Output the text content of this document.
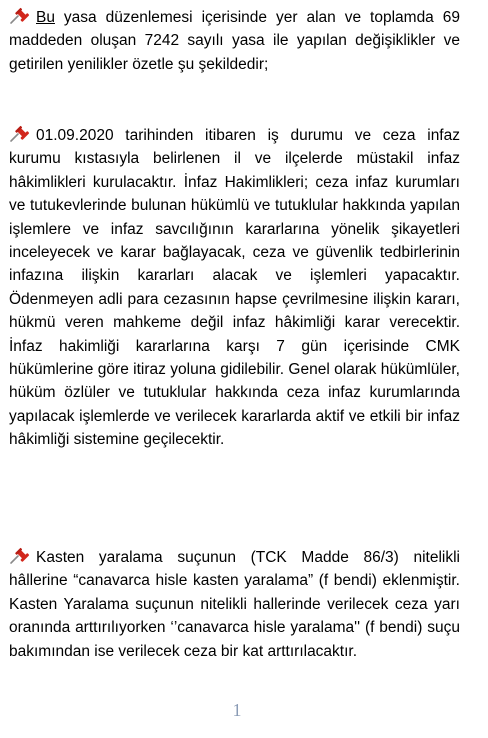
Bu yasa düzenlemesi içerisinde yer alan ve toplamda 69 maddeden oluşan 7242 sayılı yasa ile yapılan değişiklikler ve getirilen yenilikler özetle şu şekildedir;

01.09.2020 tarihinden itibaren iş durumu ve ceza infaz kurumu kıstasıyla belirlenen il ve ilçelerde müstakil infaz hâkimlikleri kurulacaktır. İnfaz Hakimlikleri; ceza infaz kurumları ve tutukevlerinde bulunan hükümlü ve tutuklular hakkında yapılan işlemlere ve infaz savcılığının kararlarına yönelik şikayetleri inceleyecek ve karar bağlayacak, ceza ve güvenlik tedbirlerinin infazına ilişkin kararları alacak ve işlemleri yapacaktır. Ödenmeyen adli para cezasının hapse çevrilmesine ilişkin kararı, hükmü veren mahkeme değil infaz hâkimliği karar verecektir. İnfaz hakimliği kararlarına karşı 7 gün içerisinde CMK hükümlerine göre itiraz yoluna gidilebilir. Genel olarak hükümlüler, hüküm özlüler ve tutuklular hakkında ceza infaz kurumlarında yapılacak işlemlerde ve verilecek kararlarda aktif ve etkili bir infaz hâkimliği sistemine geçilecektir.

Kasten yaralama suçunun (TCK Madde 86/3) nitelikli hâllerine “canavarca hisle kasten yaralama” (f bendi) eklenmiştir. Kasten Yaralama suçunun nitelikli hallerinde verilecek ceza yarı oranında arttırılıyorken ‘’canavarca hisle yaralama'' (f bendi) suçu bakımından ise verilecek ceza bir kat arttırılacaktır.

1
